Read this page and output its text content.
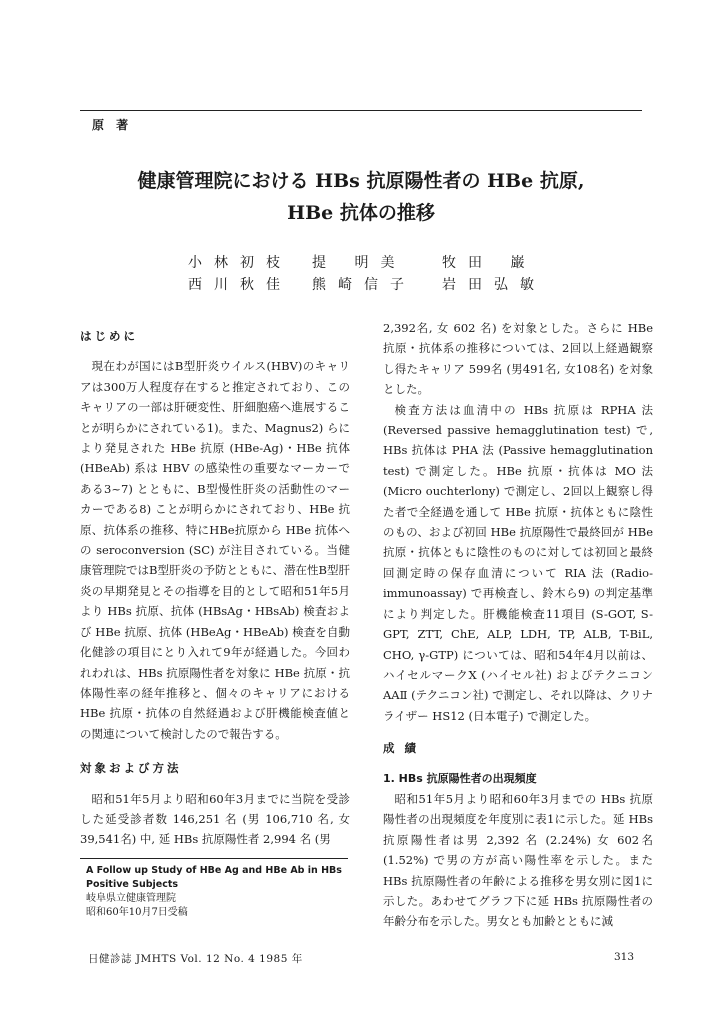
原 著
健康管理院における HBs 抗原陽性者の HBe 抗原,
HBe 抗体の推移
小林初枝	提 明美	牧田 巌
西川秋佳	熊崎信子	岩田弘敏

はじめに

現在わが国にはB型肝炎ウイルス(HBV)のキャリアは300万人程度存在すると推定されており、このキャリアの一部は肝硬変性、肝細胞癌へ進展することが明らかにされている1)。また、Magnus2) らにより発見された HBe 抗原 (HBe-Ag)・HBe 抗体 (HBeAb) 系は HBV の感染性の重要なマーカーである3~7) とともに、B型慢性肝炎の活動性のマーカーである8) ことが明らかにされており、HBe 抗原、抗体系の推移、特にHBe抗原から HBe 抗体への seroconversion (SC) が注目されている。当健康管理院ではB型肝炎の予防とともに、潜在性B型肝炎の早期発見とその指導を目的として昭和51年5月より HBs 抗原、抗体 (HBsAg・HBsAb) 検査および HBe 抗原、抗体 (HBeAg・HBeAb) 検査を自動化健診の項目にとり入れて9年が経過した。今回われわれは、HBs 抗原陽性者を対象に HBe 抗原・抗体陽性率の経年推移と、個々のキャリアにおける HBe 抗原・抗体の自然経過および肝機能検査値との関連について検討したので報告する。

対象および方法

昭和51年5月より昭和60年3月までに当院を受診した延受診者数 146,251 名 (男 106,710 名, 女 39,541名) 中, 延 HBs 抗原陽性者 2,994 名 (男

2,392名, 女 602 名) を対象とした。さらに HBe 抗原・抗体系の推移については、2回以上経過観察し得たキャリア 599名 (男491名, 女108名) を対象とした。

検査方法は血清中の HBs 抗原は RPHA 法 (Reversed passive hemagglutination test) で, HBs 抗体は PHA 法 (Passive hemagglutination test) で測定した。HBe 抗原・抗体は MO 法 (Micro ouchterlony) で測定し、2回以上観察し得た者で全経過を通して HBe 抗原・抗体ともに陰性のもの、および初回 HBe 抗原陽性で最終回が HBe 抗原・抗体ともに陰性のものに対しては初回と最終回測定時の保存血清について RIA 法 (Radio-immunoassay) で再検査し、鈴木ら9) の判定基準により判定した。肝機能検査11項目 (S-GOT, S-GPT, ZTT, ChE, ALP, LDH, TP, ALB, T-BiL, CHO, γ-GTP) については、昭和54年4月以前は、ハイセルマークX (ハイセル社) およびテクニコン AAⅡ (テクニコン社) で測定し、それ以降は、クリナライザー HS12 (日本電子) で測定した。

成 績

1. HBs 抗原陽性者の出現頻度

昭和51年5月より昭和60年3月までの HBs 抗原陽性者の出現頻度を年度別に表1に示した。延 HBs 抗原陽性者は男 2,392 名 (2.24%) 女 602名 (1.52%) で男の方が高い陽性率を示した。また HBs 抗原陽性者の年齢による推移を男女別に図1に示した。あわせてグラフ下に延 HBs 抗原陽性者の年齢分布を示した。男女とも加齢とともに減

A Follow up Study of HBe Ag and HBe Ab in HBs Positive Subjects
岐阜県立健康管理院
昭和60年10月7日受稿
日健診誌 JMHTS Vol. 12 No. 4 1985 年	313
